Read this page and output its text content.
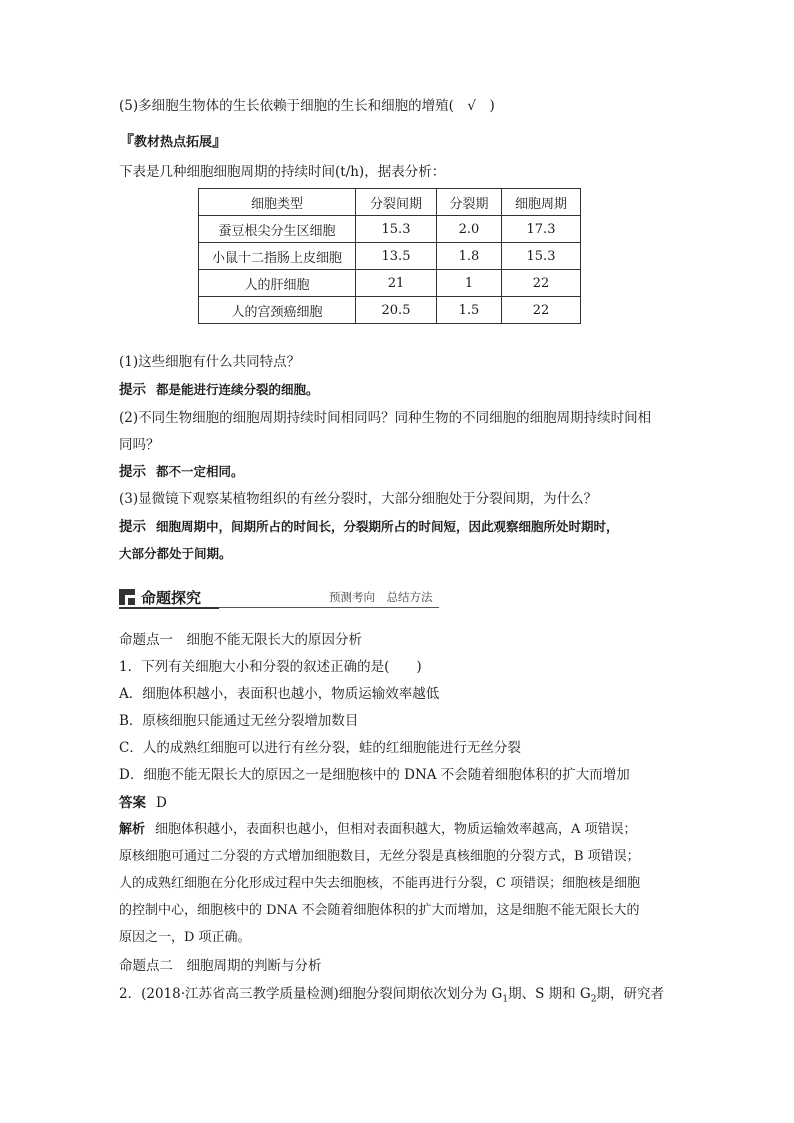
(5)多细胞生物体的生长依赖于细胞的生长和细胞的增殖(　√　)
『教材热点拓展』
下表是几种细胞细胞周期的持续时间(t/h)，据表分析：
细胞类型	分裂间期	分裂期	细胞周期
蚕豆根尖分生区细胞	15.3	2.0	17.3
小鼠十二指肠上皮细胞	13.5	1.8	15.3
人的肝细胞	21	1	22
人的宫颈癌细胞	20.5	1.5	22
(1)这些细胞有什么共同特点？
提示 都是能进行连续分裂的细胞。
(2)不同生物细胞的细胞周期持续时间相同吗？同种生物的不同细胞的细胞周期持续时间相
同吗？
提示 都不一定相同。
(3)显微镜下观察某植物组织的有丝分裂时，大部分细胞处于分裂间期，为什么？
提示 细胞周期中，间期所占的时间长，分裂期所占的时间短，因此观察细胞所处时期时，
大部分都处于间期。
命题探究	预测考向　总结方法
命题点一　细胞不能无限长大的原因分析
1．下列有关细胞大小和分裂的叙述正确的是(　　)
A．细胞体积越小，表面积也越小，物质运输效率越低
B．原核细胞只能通过无丝分裂增加数目
C．人的成熟红细胞可以进行有丝分裂，蛙的红细胞能进行无丝分裂
D．细胞不能无限长大的原因之一是细胞核中的 DNA 不会随着细胞体积的扩大而增加
答案 D
解析 细胞体积越小，表面积也越小，但相对表面积越大，物质运输效率越高，A 项错误；
原核细胞可通过二分裂的方式增加细胞数目，无丝分裂是真核细胞的分裂方式，B 项错误；
人的成熟红细胞在分化形成过程中失去细胞核，不能再进行分裂，C 项错误；细胞核是细胞
的控制中心，细胞核中的 DNA 不会随着细胞体积的扩大而增加，这是细胞不能无限长大的
原因之一，D 项正确。
命题点二　细胞周期的判断与分析
2．(2018·江苏省高三教学质量检测)细胞分裂间期依次划分为 $G_1$期、S 期和 $G_2$期，研究者
